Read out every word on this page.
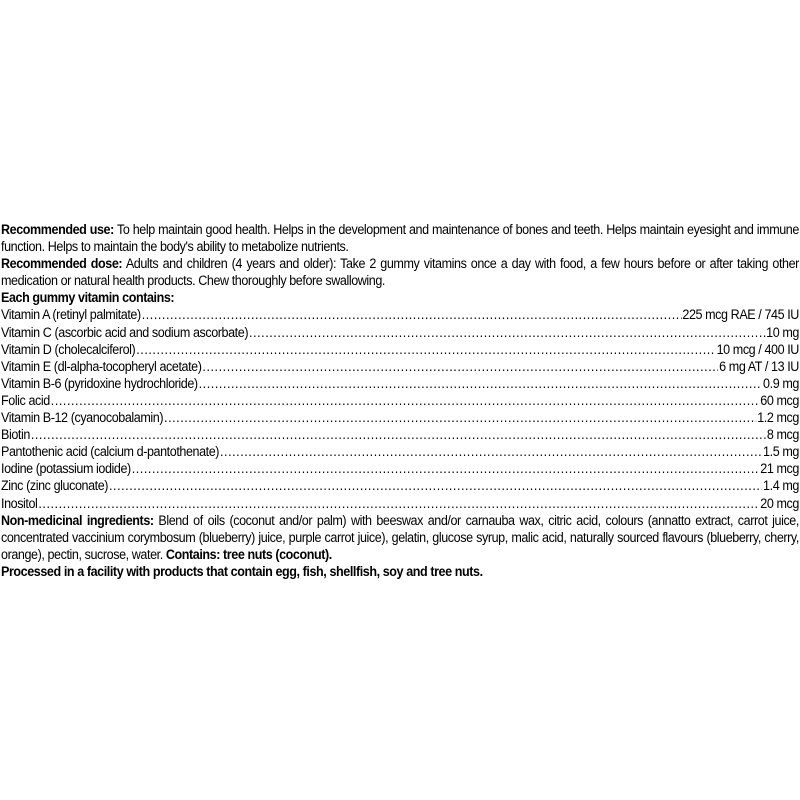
Recommended use: To help maintain good health. Helps in the development and maintenance of bones and teeth. Helps maintain eyesight and immune function. Helps to maintain the body's ability to metabolize nutrients.

Recommended dose: Adults and children (4 years and older): Take 2 gummy vitamins once a day with food, a few hours before or after taking other medication or natural health products. Chew thoroughly before swallowing.

Each gummy vitamin contains:
Vitamin A (retinyl palmitate) .....	225 mcg RAE / 745 IU
Vitamin C (ascorbic acid and sodium ascorbate) .....	10 mg
Vitamin D (cholecalciferol) .....	10 mcg / 400 IU
Vitamin E (dl-alpha-tocopheryl acetate) .....	6 mg AT / 13 IU
Vitamin B-6 (pyridoxine hydrochloride) .....	0.9 mg
Folic acid .....	60 mcg
Vitamin B-12 (cyanocobalamin) .....	1.2 mcg
Biotin .....	8 mcg
Pantothenic acid (calcium d-pantothenate) .....	1.5 mg
Iodine (potassium iodide) .....	21 mcg
Zinc (zinc gluconate) .....	1.4 mg
Inositol .....	20 mcg

Non-medicinal ingredients: Blend of oils (coconut and/or palm) with beeswax and/or carnauba wax, citric acid, colours (annatto extract, carrot juice, concentrated vaccinium corymbosum (blueberry) juice, purple carrot juice), gelatin, glucose syrup, malic acid, naturally sourced flavours (blueberry, cherry, orange), pectin, sucrose, water. Contains: tree nuts (coconut).

Processed in a facility with products that contain egg, fish, shellfish, soy and tree nuts.
